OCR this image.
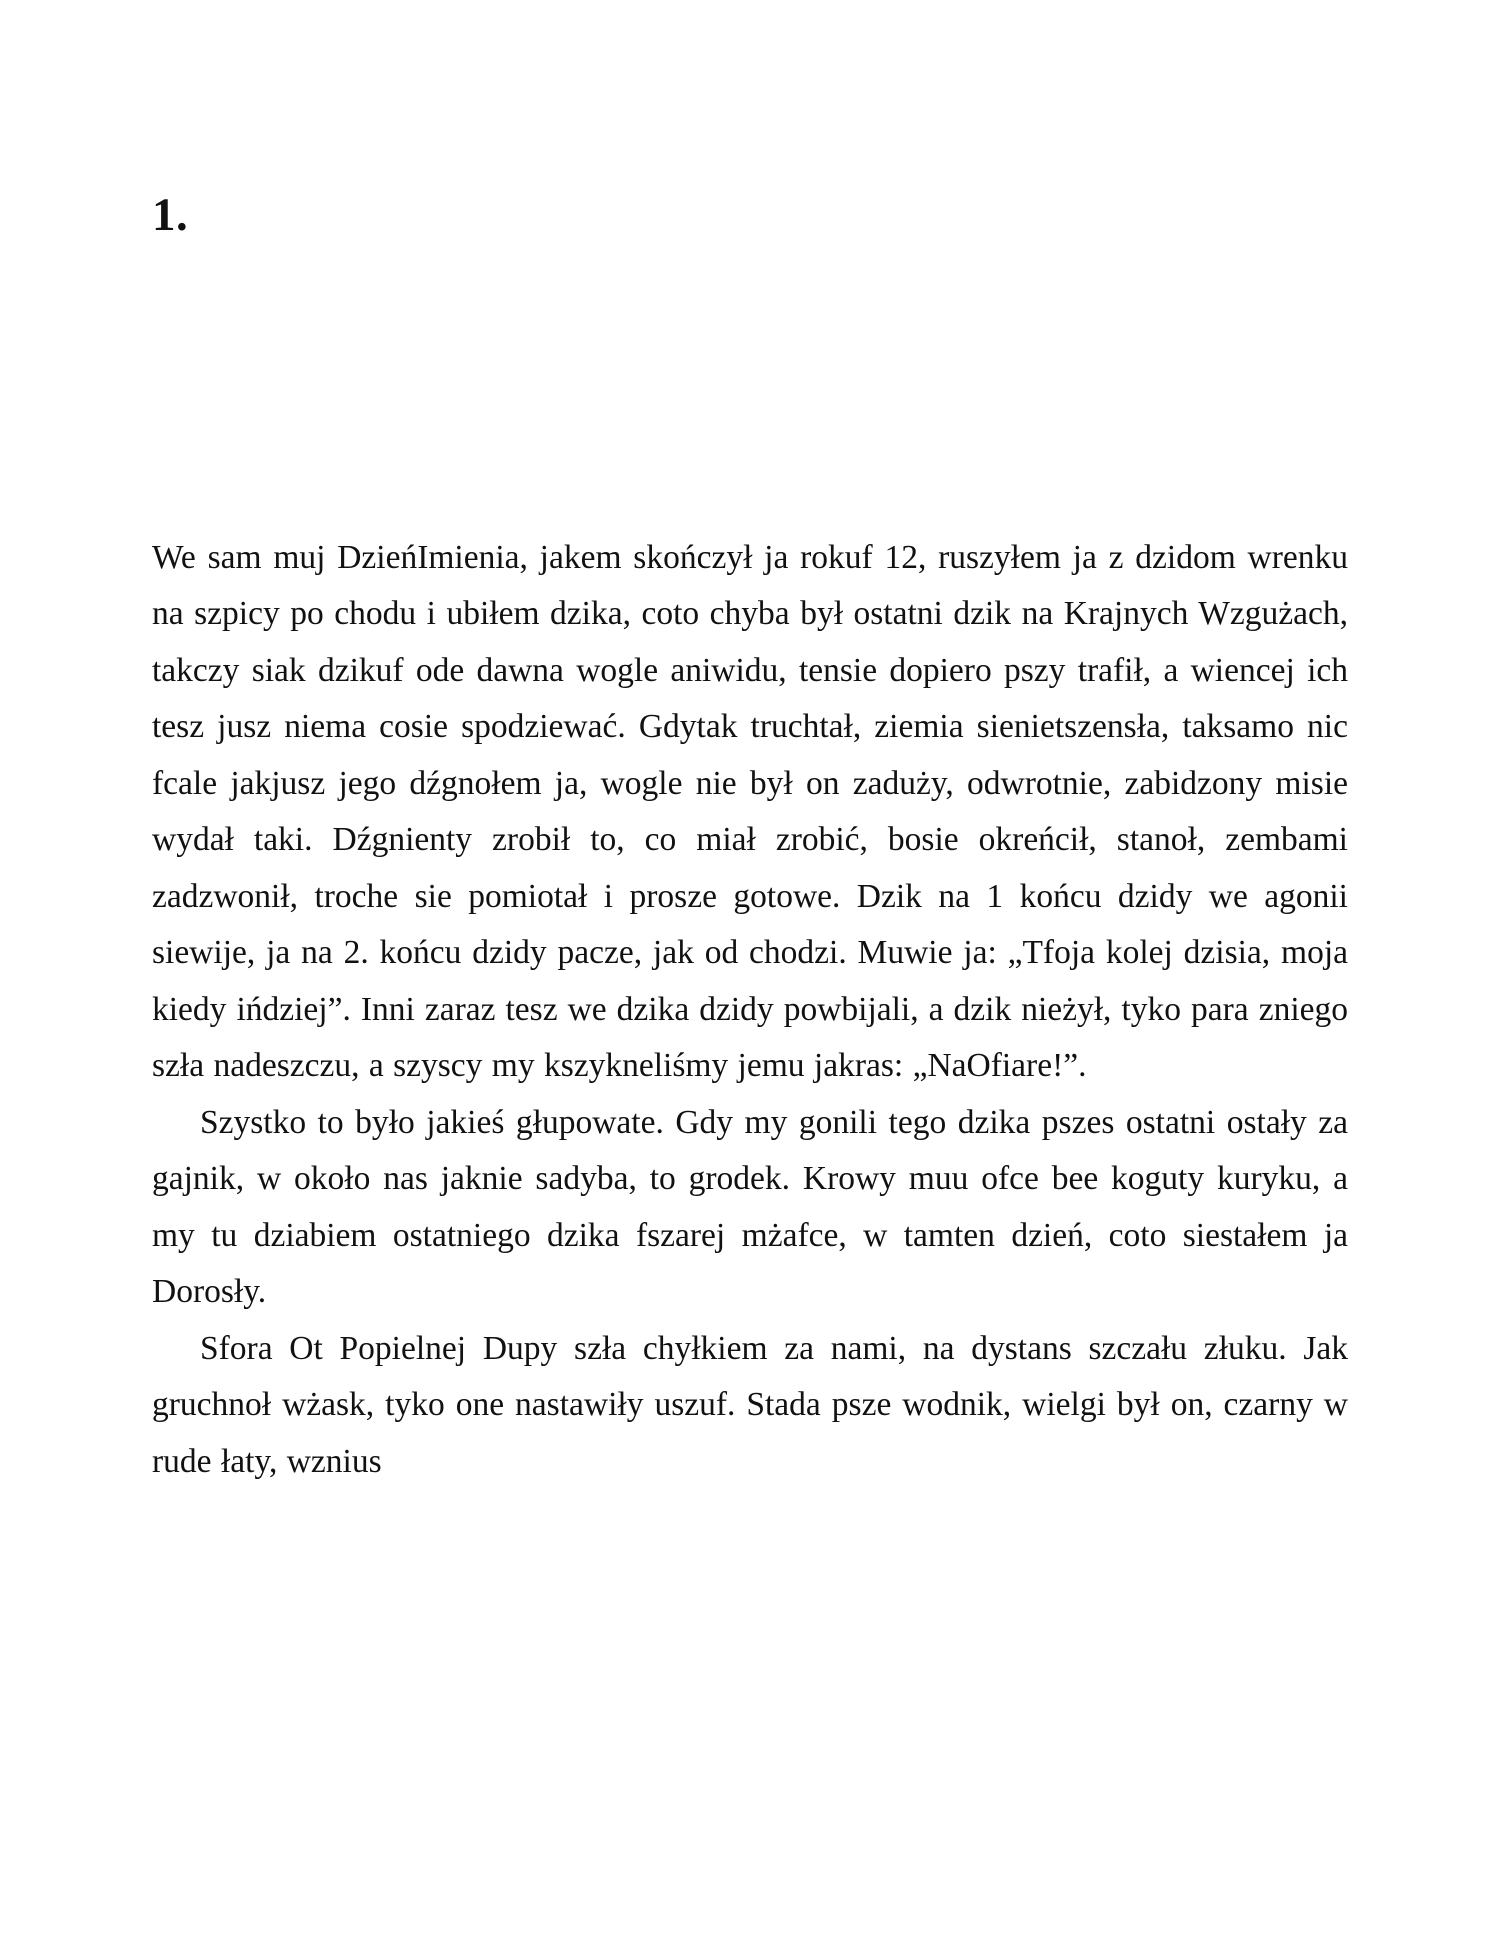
1.

We sam muj DzieńImienia, jakem skończył ja rokuf 12, ruszyłem ja z dzidom wrenku na szpicy po chodu i ubiłem dzika, coto chyba był ostatni dzik na Krajnych Wzgużach, takczy siak dzikuf ode dawna wogle aniwidu, tensie dopiero pszy trafił, a wiencej ich tesz jusz niema cosie spodziewać. Gdytak truchtał, ziemia sienietszensła, taksamo nic fcale jakjusz jego dźgnołem ja, wogle nie był on zaduży, odwrotnie, zabidzony misie wydał taki. Dźgnienty zrobił to, co miał zrobić, bosie okreńcił, stanoł, zembami zadzwonił, troche sie pomiotał i prosze gotowe. Dzik na 1 końcu dzidy we agonii siewije, ja na 2. końcu dzidy pacze, jak od chodzi. Muwie ja: „Tfoja kolej dzisia, moja kiedy ińdziej”. Inni zaraz tesz we dzika dzidy powbijali, a dzik nieżył, tyko para zniego szła nadeszczu, a szyscy my kszykneliśmy jemu jakras: „NaOfiare!”.

Szystko to było jakieś głupowate. Gdy my gonili tego dzika pszes ostatni ostały za gajnik, w około nas jaknie sadyba, to grodek. Krowy muu ofce bee koguty kuryku, a my tu dziabiem ostatniego dzika fszarej mżafce, w tamten dzień, coto siestałem ja Dorosły.

Sfora Ot Popielnej Dupy szła chyłkiem za nami, na dystans szczału złuku. Jak gruchnoł wżask, tyko one nastawiły uszuf. Stada psze wodnik, wielgi był on, czarny w rude łaty, wznius
